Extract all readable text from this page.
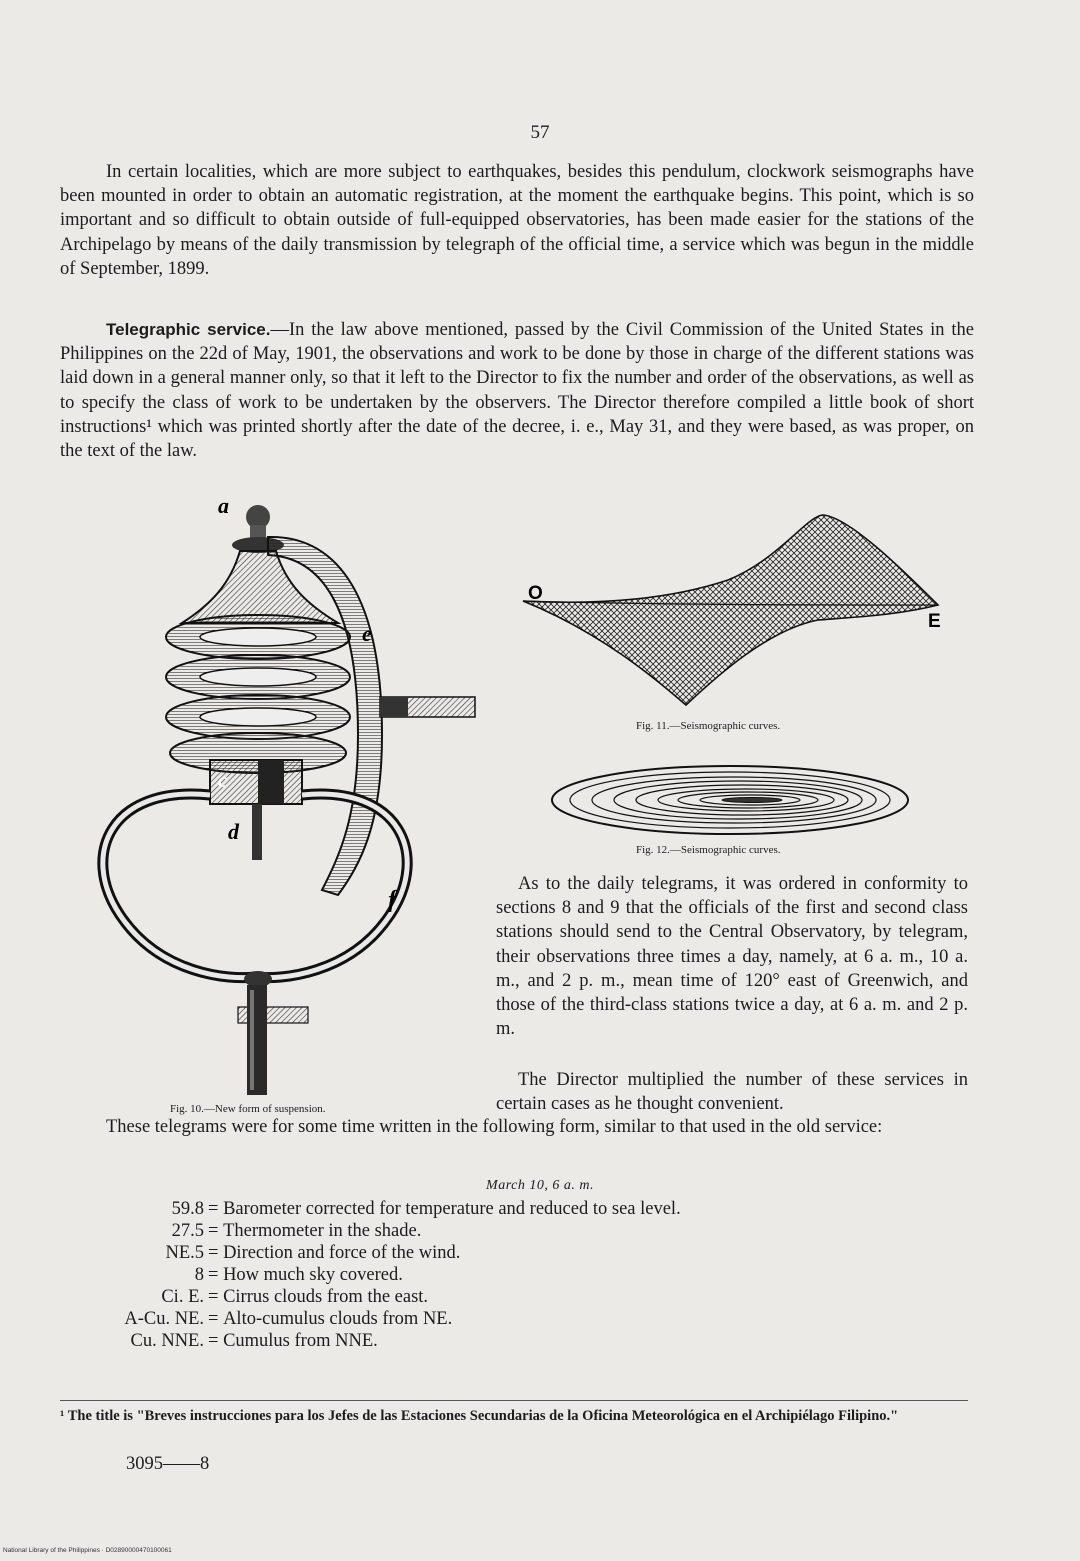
57

In certain localities, which are more subject to earthquakes, besides this pendulum, clockwork seismographs have been mounted in order to obtain an automatic registration, at the moment the earthquake begins. This point, which is so important and so difficult to obtain outside of full-equipped observatories, has been made easier for the stations of the Archipelago by means of the daily transmission by telegraph of the official time, a service which was begun in the middle of September, 1899.

Telegraphic service.—In the law above mentioned, passed by the Civil Commission of the United States in the Philippines on the 22d of May, 1901, the observations and work to be done by those in charge of the different stations was laid down in a general manner only, so that it left to the Director to fix the number and order of the observations, as well as to specify the class of work to be undertaken by the observers. The Director therefore compiled a little book of short instructions¹ which was printed shortly after the date of the decree, i. e., May 31, and they were based, as was proper, on the text of the law.

a
e
c
d
f
Fig. 10.—New form of suspension.
O
E
Fig. 11.—Seismographic curves.
Fig. 12.—Seismographic curves.

As to the daily telegrams, it was ordered in conformity to sections 8 and 9 that the officials of the first and second class stations should send to the Central Observatory, by telegram, their observations three times a day, namely, at 6 a. m., 10 a. m., and 2 p. m., mean time of 120° east of Greenwich, and those of the third-class stations twice a day, at 6 a. m. and 2 p. m.

The Director multiplied the number of these services in certain cases as he thought convenient.

These telegrams were for some time written in the following form, similar to that used in the old service:

March 10, 6 a. m.
59.8 =
Barometer corrected for temperature and reduced to sea level.
27.5 =
Thermometer in the shade.
NE.5 =
Direction and force of the wind.
8 =
How much sky covered.
Ci. E. =
Cirrus clouds from the east.
A-Cu. NE. =
Alto-cumulus clouds from NE.
Cu. NNE. =
Cumulus from NNE.
¹ The title is "Breves instrucciones para los Jefes de las Estaciones Secundarias de la Oficina Meteorológica en el Archipiélago Filipino."
3095——8
National Library of the Philippines · D02890000470100061
